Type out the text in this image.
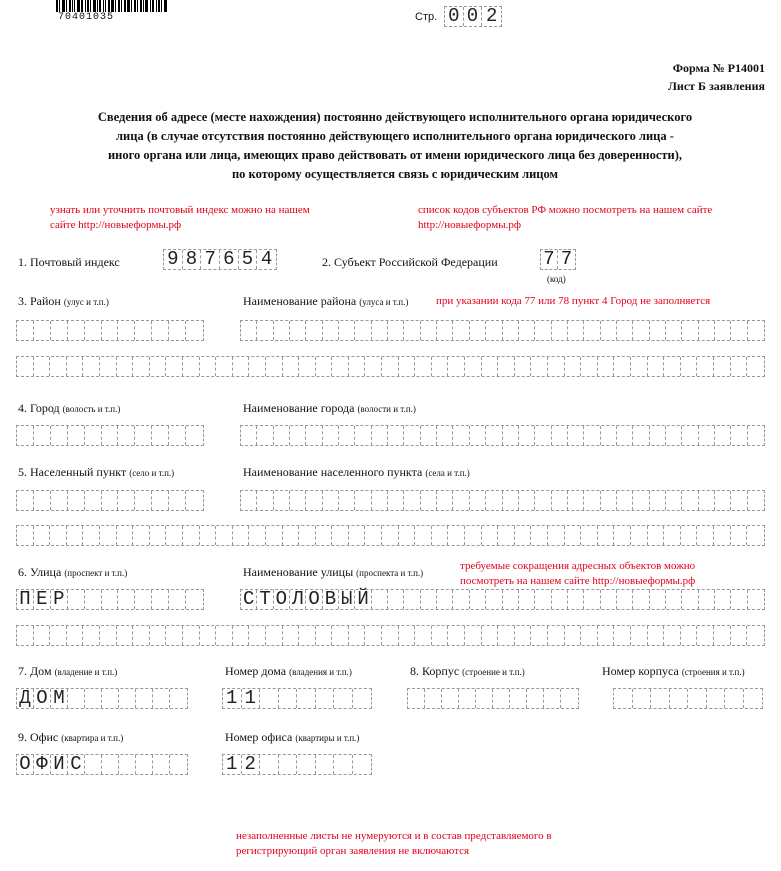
70401035	Стр. 0 0 2
Форма № Р14001
Лист Б заявления
Сведения об адресе (месте нахождения) постоянно действующего исполнительного органа юридического
лица (в случае отсутствия постоянно действующего исполнительного органа юридического лица -
иного органа или лица, имеющих право действовать от имени юридического лица без доверенности),
по которому осуществляется связь с юридическим лицом
узнать или уточнить почтовый индекс можно на нашем
сайте http://новыеформы.рф
список кодов субъектов РФ можно посмотреть на нашем сайте
http://новыеформы.рф
1. Почтовый индекс 9 8 7 6 5 4	2. Субъект Российской Федерации 7 7
(код)
3. Район (улус и т.п.)	Наименование района (улуса и т.п.)	при указании кода 77 или 78 пункт 4 Город не заполняется
4. Город (волость и т.п.)	Наименование города (волости и т.п.)
5. Населенный пункт (село и т.п.)	Наименование населенного пункта (села и т.п.)
6. Улица (проспект и т.п.)	Наименование улицы (проспекта и т.п.)
требуемые сокращения адресных объектов можно
посмотреть на нашем сайте http://новыеформы.рф
П Е Р	С Т О Л О В Ы Й
7. Дом (владение и т.п.)	Номер дома (владения и т.п.)	8. Корпус (строение и т.п.)	Номер корпуса (строения и т.п.)
Д О М	1 1
9. Офис (квартира и т.п.)	Номер офиса (квартиры и т.п.)
О Ф И С	1 2
незаполненные листы не нумеруются и в состав представляемого в
регистрирующий орган заявления не включаются
